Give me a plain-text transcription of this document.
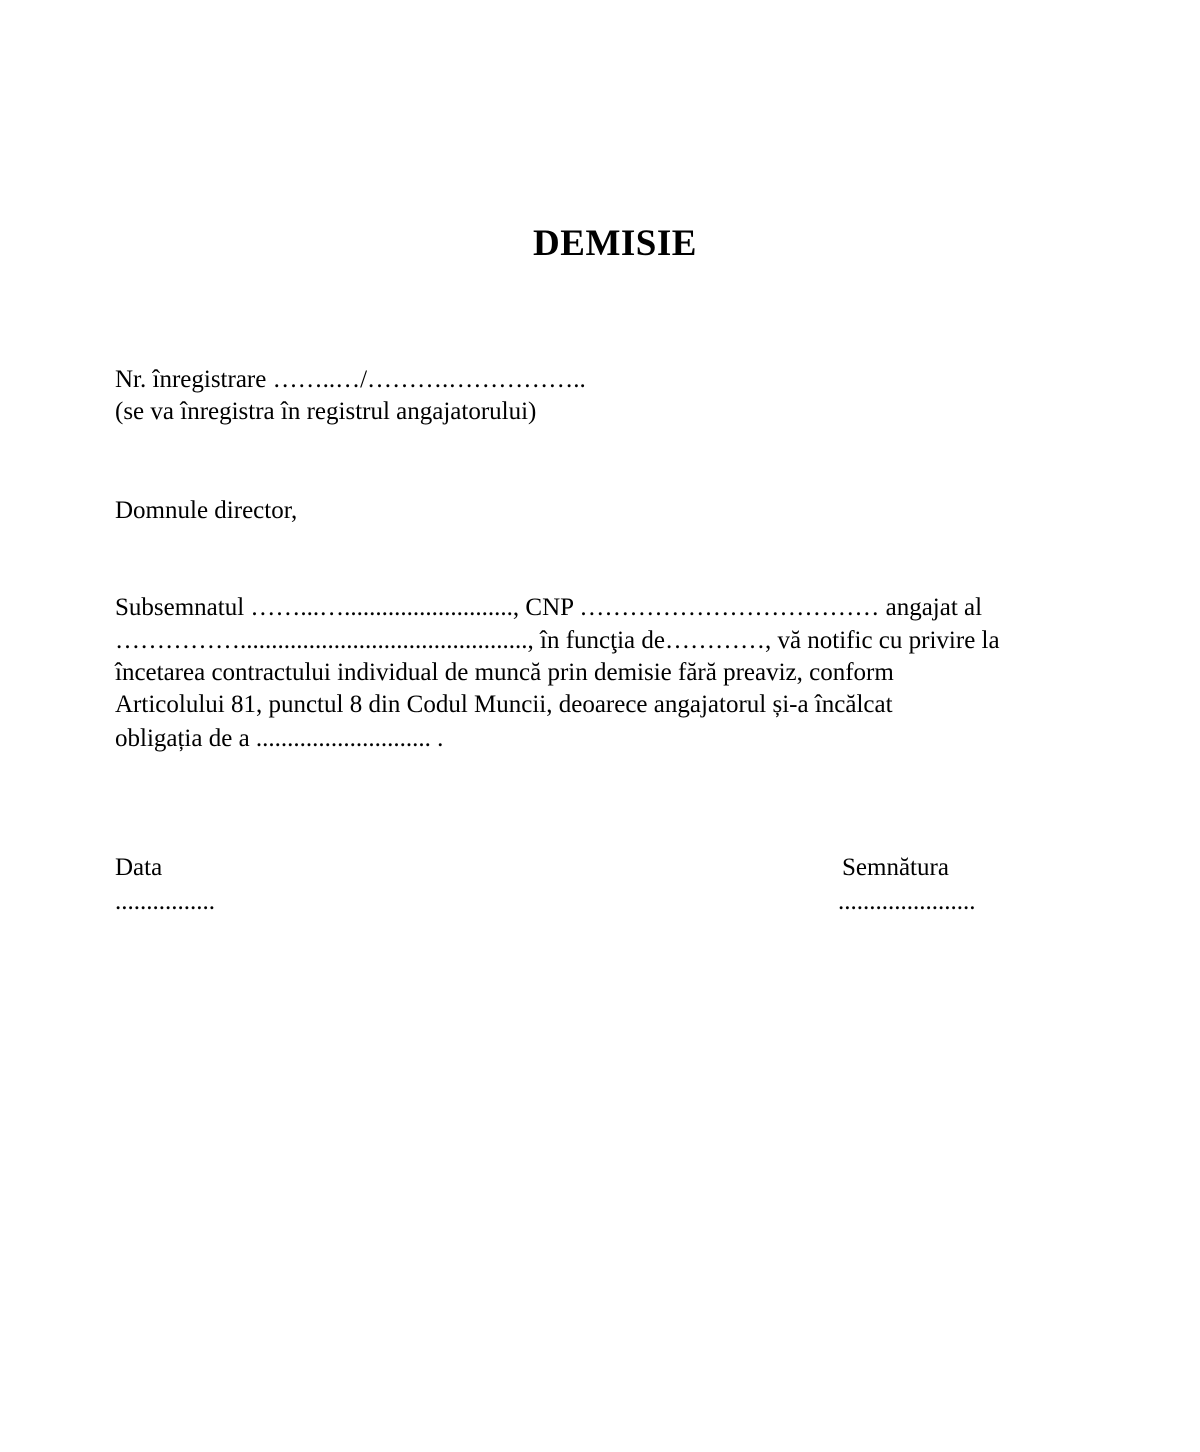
DEMISIE

Nr. înregistrare ……..…/……….……………..

(se va înregistra în registrul angajatorului)

Domnule director,

Subsemnatul ……...…..........................., CNP ……………………………… angajat al

…………….............................................., în funcţia de…………, vă notific cu privire la

încetarea contractului individual de muncă prin demisie fără preaviz, conform

Articolului 81, punctul 8 din Codul Muncii, deoarece angajatorul și-a încălcat

obligația de a ............................ .

Data

................

Semnătura

......................
